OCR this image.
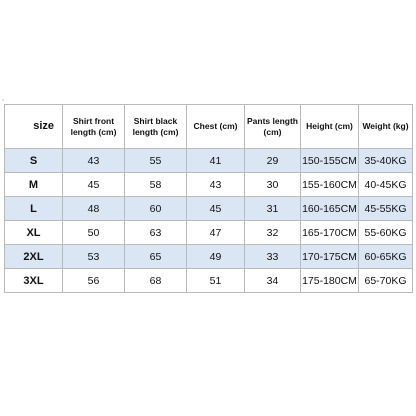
◦
size	Shirt front length (cm)	Shirt black length (cm)	Chest (cm)	Pants length (cm)	Height (cm)	Weight (kg)
S	43	55	41	29	150-155CM	35-40KG
M	45	58	43	30	155-160CM	40-45KG
L	48	60	45	31	160-165CM	45-55KG
XL	50	63	47	32	165-170CM	55-60KG
2XL	53	65	49	33	170-175CM	60-65KG
3XL	56	68	51	34	175-180CM	65-70KG
